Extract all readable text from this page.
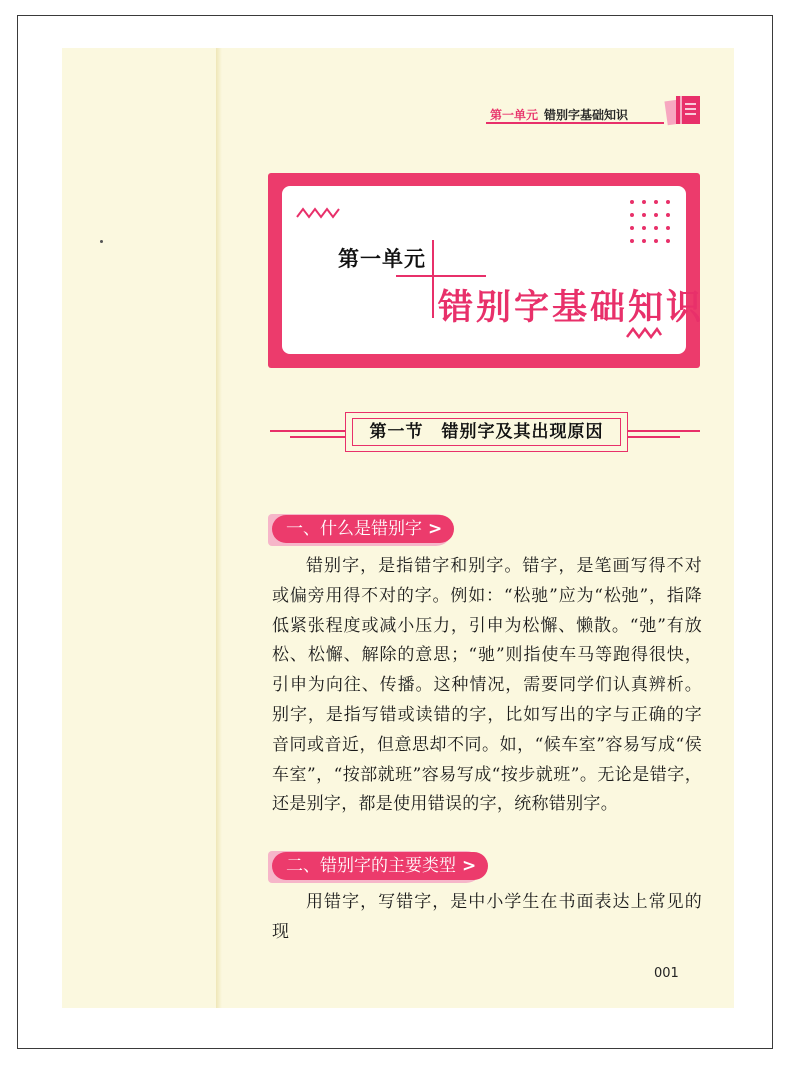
第一单元 错别字基础知识
第一单元
错别字基础知识
第一节　错别字及其出现原因
一、什么是错别字 >

错别字，是指错字和别字。错字，是笔画写得不对或偏旁用得不对的字。例如：“松驰”应为“松弛”，指降低紧张程度或减小压力，引申为松懈、懒散。“弛”有放松、松懈、解除的意思；“驰”则指使车马等跑得很快，引申为向往、传播。这种情况，需要同学们认真辨析。别字，是指写错或读错的字，比如写出的字与正确的字音同或音近，但意思却不同。如，“候车室”容易写成“侯车室”，“按部就班”容易写成“按步就班”。无论是错字，还是别字，都是使用错误的字，统称错别字。

二、错别字的主要类型 >

用错字，写错字，是中小学生在书面表达上常见的现

001
